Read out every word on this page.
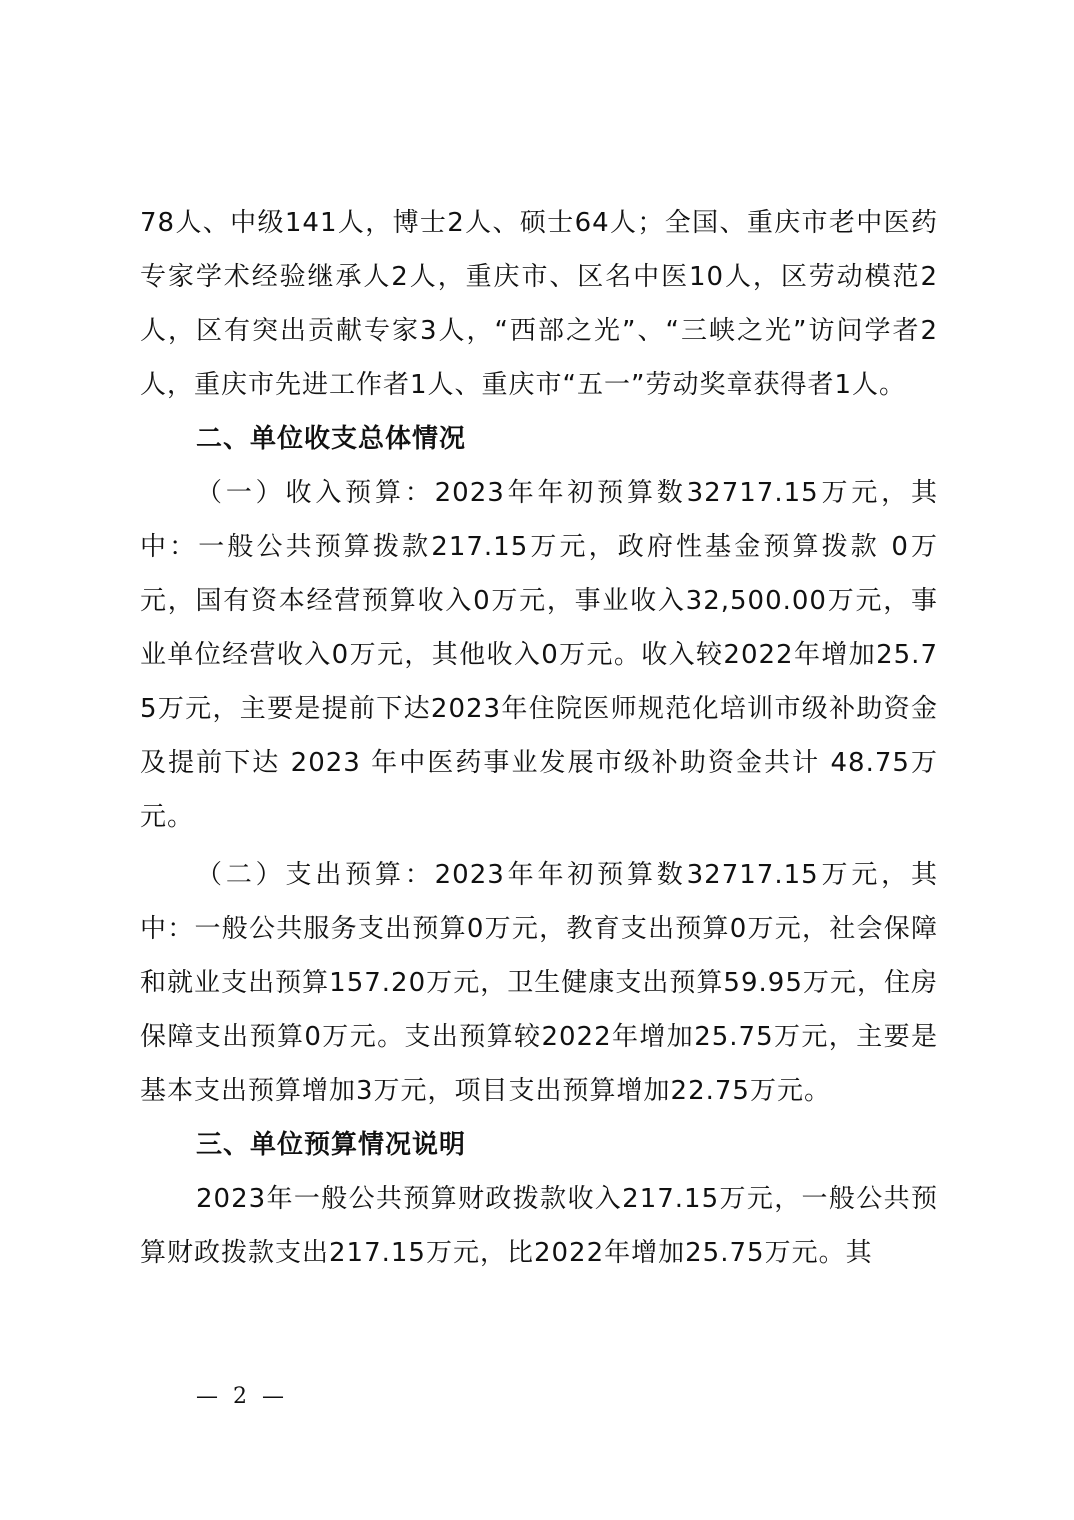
78人、中级141人，博士2人、硕士64人；全国、重庆市老中医药专家学术经验继承人2人，重庆市、区名中医10人，区劳动模范2人，区有突出贡献专家3人，“西部之光”、“三峡之光”访问学者2人，重庆市先进工作者1人、重庆市“五一”劳动奖章获得者1人。

二、单位收支总体情况

（一）收入预算：2023年年初预算数32717.15万元，其中：一般公共预算拨款217.15万元，政府性基金预算拨款 0万元，国有资本经营预算收入0万元，事业收入32,500.00万元，事业单位经营收入0万元，其他收入0万元。收入较2022年增加25.75万元，主要是提前下达2023年住院医师规范化培训市级补助资金及提前下达 2023 年中医药事业发展市级补助资金共计 48.75万元。

（二）支出预算：2023年年初预算数32717.15万元，其中：一般公共服务支出预算0万元，教育支出预算0万元，社会保障和就业支出预算157.20万元，卫生健康支出预算59.95万元，住房保障支出预算0万元。支出预算较2022年增加25.75万元，主要是基本支出预算增加3万元，项目支出预算增加22.75万元。

三、单位预算情况说明

2023年一般公共预算财政拨款收入217.15万元，一般公共预算财政拨款支出217.15万元，比2022年增加25.75万元。其

— 2 —
